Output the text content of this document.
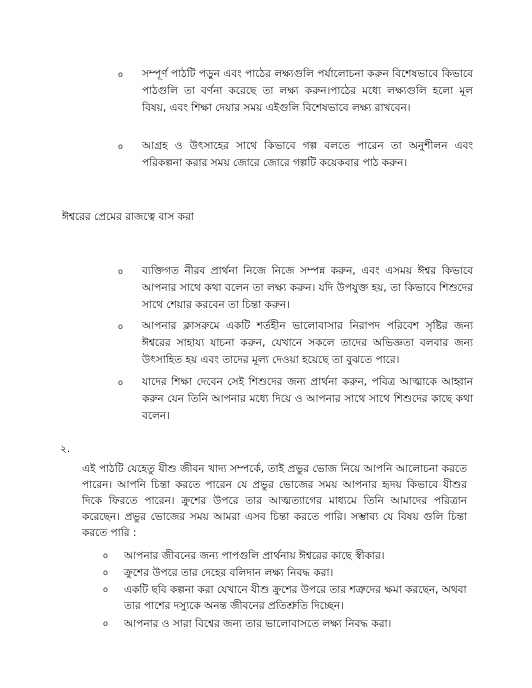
o	সম্পূর্ণ পাঠটি পড়ুন এবং পাঠের লক্ষ্যগুলি পর্যালোচনা করুন বিশেষভাবে কিভাবে পাঠগুলি তা বর্ণনা করেছে তা লক্ষ্য করুন।পাঠের মধ্যে লক্ষ্যগুলি হলো মূল বিষয়, এবং শিক্ষা দেয়ার সময় এইগুলি বিশেষভাবে লক্ষ্য রাখবেন।
o	আগ্রহ ও উৎসাহের সাথে কিভাবে গল্প বলতে পারেন তা অনুশীলন এবং পরিকল্পনা করার সময় জোরে জোরে গল্পটি কয়েকবার পাঠ করুন।
ঈশ্বরের প্রেমের রাজত্বে বাস করা
o	ব্যক্তিগত নীরব প্রার্থনা নিজে নিজে সম্পন্ন করুন, এবং এসময় ঈশ্বর কিভাবে আপনার সাথে কথা বলেন তা লক্ষ্য করুন। যদি উপযুক্ত হয়, তা কিভাবে শিশুদের সাথে শেয়ার করবেন তা চিন্তা করুন।
o	আপনার ক্লাসরুমে একটি শর্তহীন ভালোবাসার নিরাপদ পরিবেশ সৃষ্টির জন্য ঈশ্বরের সাহায্য যাচনা করুন, যেখানে সকলে তাদের অভিজ্ঞতা বলবার জন্য উৎসাহিত হয় এবং তাদের মূল্য দেওয়া হয়েছে তা বুঝতে পারে।
o	যাদের শিক্ষা দেবেন সেই শিশুদের জন্য প্রার্থনা করুন, পবিত্র আত্মাকে আহ্বান করুন যেন তিনি আপনার মধ্যে দিয়ে ও আপনার সাথে সাথে শিশুদের কাছে কথা বলেন।
২.
এই পাঠটি যেহেতু যীশু জীবন খাদ্য সম্পর্কে, তাই প্রভুর ভোজ নিয়ে আপনি আলোচনা করতে পারেন। আপনি চিন্তা করতে পারেন যে প্রভুর ভোজের সময় আপনার হৃদয় কিভাবে যীশুর দিকে ফিরতে পারেন। ক্রুশের উপরে তার আত্মত্যাগের মাধ্যমে তিনি আমাদের পরিত্রান করেছেন। প্রভুর ভোজের সময় আমরা এসব চিন্তা করতে পারি। সম্ভাব্য যে বিষয় গুলি চিন্তা করতে পারি :
o	আপনার জীবনের জন্য পাপগুলি প্রার্থনায় ঈশ্বরের কাছে স্বীকার।
o	ক্রুশের উপরে তার দেহের বলিদান লক্ষ্য নিবদ্ধ করা।
o	একটি ছবি কল্পনা করা যেখানে যীশু ক্রুশের উপরে তার শত্রুদের ক্ষমা করছেন, অথবা তার পাশের দস্যুকে অনন্ত জীবনের প্রতিশ্রুতি দিচ্ছেন।
o	আপনার ও সারা বিশ্বের জন্য তার ভালোবাসতে লক্ষ্য নিবদ্ধ করা।
